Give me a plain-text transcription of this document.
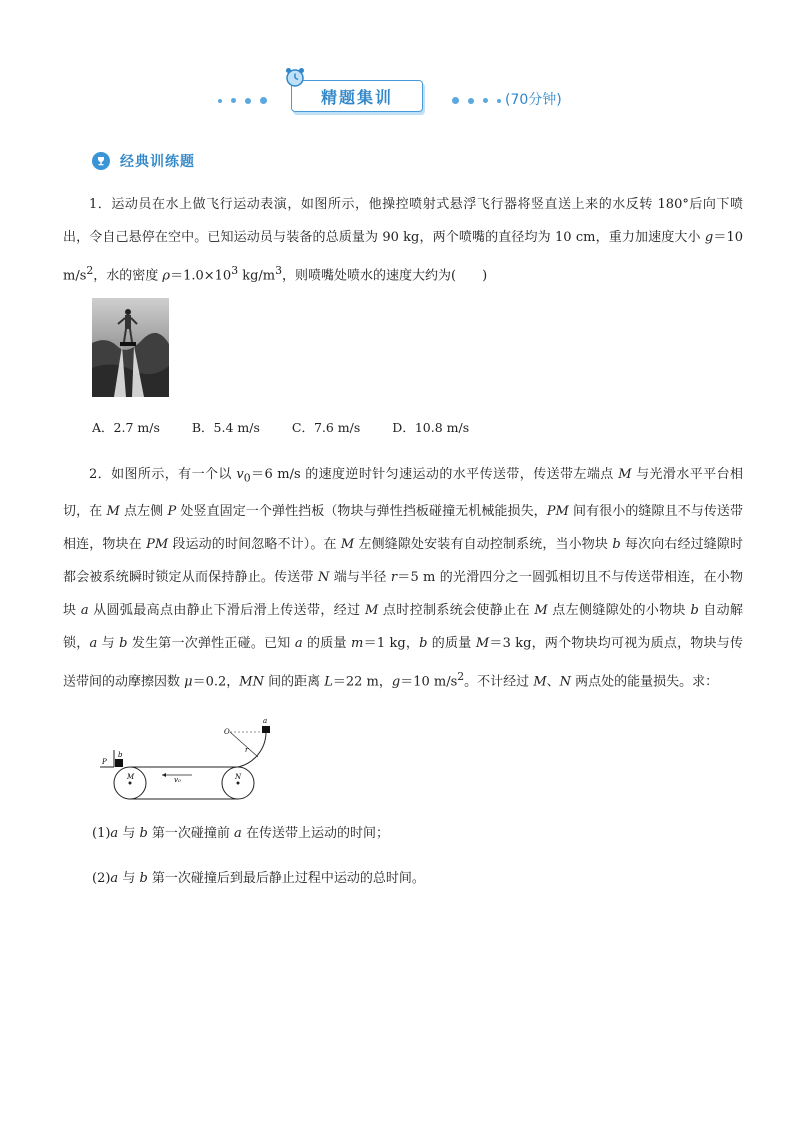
精题集训	(70分钟)
经典训练题

1．运动员在水上做飞行运动表演，如图所示，他操控喷射式悬浮飞行器将竖直送上来的水反转 180°后向下喷出，令自己悬停在空中。已知运动员与装备的总质量为 90 kg，两个喷嘴的直径均为 10 cm，重力加速度大小 g＝10 $m/s^2$，水的密度 $\rho=1.0\times 10^3$ $kg/m^3$，则喷嘴处喷水的速度大约为(　　)

A．2.7 m/s	B．5.4 m/s	C．7.6 m/s	D．10.8 m/s

2．如图所示，有一个以 $v_0=6$ m/s 的速度逆时针匀速运动的水平传送带，传送带左端点 M 与光滑水平平台相切，在 M 点左侧 P 处竖直固定一个弹性挡板（物块与弹性挡板碰撞无机械能损失，PM 间有很小的缝隙且不与传送带相连，物块在 PM 段运动的时间忽略不计）。在 M 左侧缝隙处安装有自动控制系统，当小物块 b 每次向右经过缝隙时都会被系统瞬时锁定从而保持静止。传送带 N 端与半径 r＝5 m 的光滑四分之一圆弧相切且不与传送带相连，在小物块 a 从圆弧最高点由静止下滑后滑上传送带，经过 M 点时控制系统会使静止在 M 点左侧缝隙处的小物块 b 自动解锁，a 与 b 发生第一次弹性正碰。已知 a 的质量 m＝1 kg，b 的质量 M＝3 kg，两个物块均可视为质点，物块与传送带间的动摩擦因数 μ＝0.2，MN 间的距离 L＝22 m，g＝10 $m/s^2$。不计经过 M、N 两点处的能量损失。求：

P
b
M	N
v₀
O
a
r

(1)a 与 b 第一次碰撞前 a 在传送带上运动的时间；

(2)a 与 b 第一次碰撞后到最后静止过程中运动的总时间。
